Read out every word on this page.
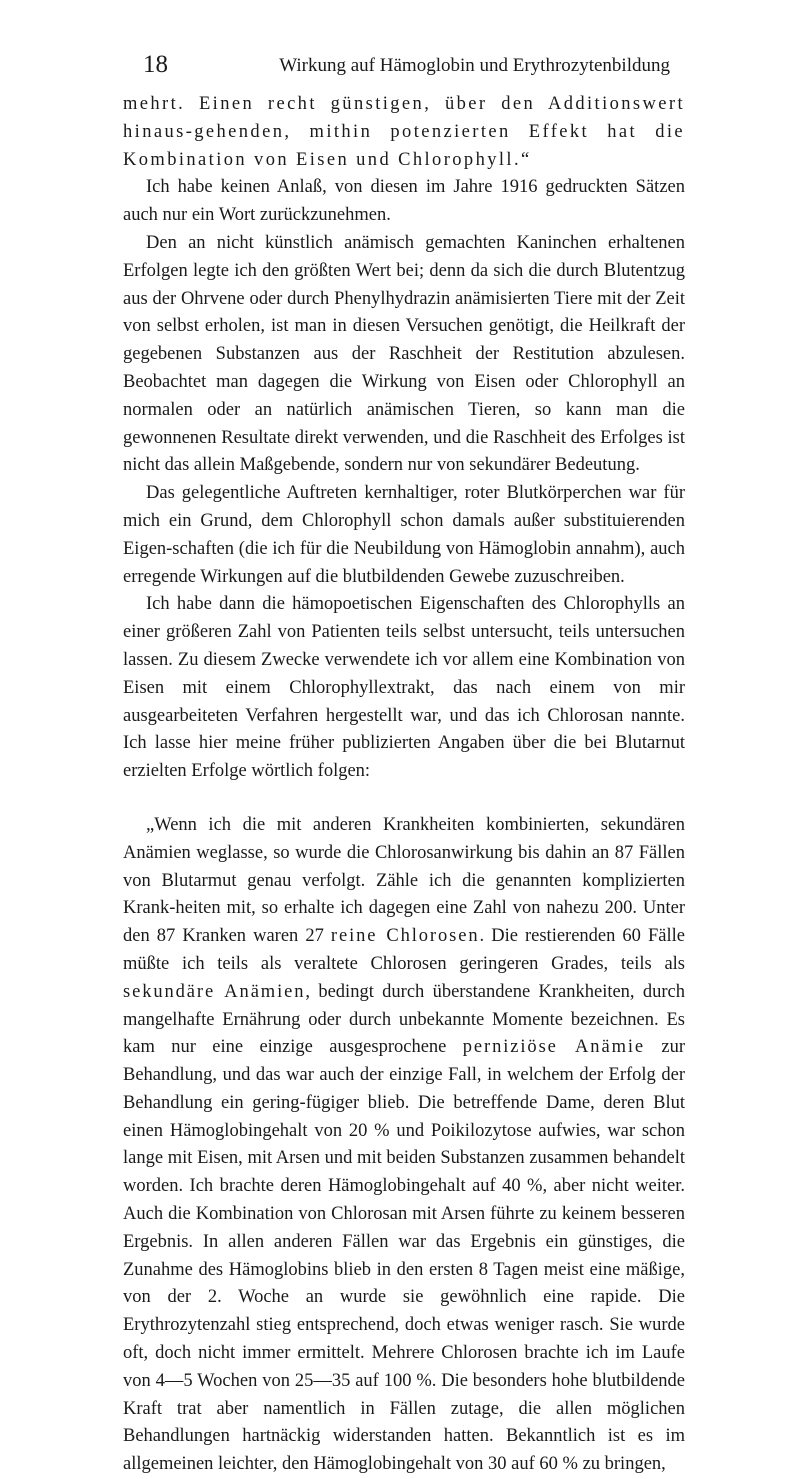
18	Wirkung auf Hämoglobin und Erythrozytenbildung

mehrt. Einen recht günstigen, über den Additionswert hinaus-gehenden, mithin potenzierten Effekt hat die Kombination von Eisen und Chlorophyll.“

Ich habe keinen Anlaß, von diesen im Jahre 1916 gedruckten Sätzen auch nur ein Wort zurückzunehmen.

Den an nicht künstlich anämisch gemachten Kaninchen erhaltenen Erfolgen legte ich den größten Wert bei; denn da sich die durch Blutentzug aus der Ohrvene oder durch Phenylhydrazin anämisierten Tiere mit der Zeit von selbst erholen, ist man in diesen Versuchen genötigt, die Heilkraft der gegebenen Substanzen aus der Raschheit der Restitution abzulesen. Beobachtet man dagegen die Wirkung von Eisen oder Chlorophyll an normalen oder an natürlich anämischen Tieren, so kann man die gewonnenen Resultate direkt verwenden, und die Raschheit des Erfolges ist nicht das allein Maßgebende, sondern nur von sekundärer Bedeutung.

Das gelegentliche Auftreten kernhaltiger, roter Blutkörperchen war für mich ein Grund, dem Chlorophyll schon damals außer substituierenden Eigen-schaften (die ich für die Neubildung von Hämoglobin annahm), auch erregende Wirkungen auf die blutbildenden Gewebe zuzuschreiben.

Ich habe dann die hämopoetischen Eigenschaften des Chlorophylls an einer größeren Zahl von Patienten teils selbst untersucht, teils untersuchen lassen. Zu diesem Zwecke verwendete ich vor allem eine Kombination von Eisen mit einem Chlorophyllextrakt, das nach einem von mir ausgearbeiteten Verfahren hergestellt war, und das ich Chlorosan nannte. Ich lasse hier meine früher publizierten Angaben über die bei Blutarnut erzielten Erfolge wörtlich folgen:

„Wenn ich die mit anderen Krankheiten kombinierten, sekundären Anämien weglasse, so wurde die Chlorosanwirkung bis dahin an 87 Fällen von Blutarmut genau verfolgt. Zähle ich die genannten komplizierten Krank-heiten mit, so erhalte ich dagegen eine Zahl von nahezu 200. Unter den 87 Kranken waren 27 reine Chlorosen. Die restierenden 60 Fälle müßte ich teils als veraltete Chlorosen geringeren Grades, teils als sekundäre Anämien, bedingt durch überstandene Krankheiten, durch mangelhafte Ernährung oder durch unbekannte Momente bezeichnen. Es kam nur eine einzige ausgesprochene perniziöse Anämie zur Behandlung, und das war auch der einzige Fall, in welchem der Erfolg der Behandlung ein gering-fügiger blieb. Die betreffende Dame, deren Blut einen Hämoglobingehalt von 20 % und Poikilozytose aufwies, war schon lange mit Eisen, mit Arsen und mit beiden Substanzen zusammen behandelt worden. Ich brachte deren Hämoglobingehalt auf 40 %, aber nicht weiter. Auch die Kombination von Chlorosan mit Arsen führte zu keinem besseren Ergebnis. In allen anderen Fällen war das Ergebnis ein günstiges, die Zunahme des Hämoglobins blieb in den ersten 8 Tagen meist eine mäßige, von der 2. Woche an wurde sie gewöhnlich eine rapide. Die Erythrozytenzahl stieg entsprechend, doch etwas weniger rasch. Sie wurde oft, doch nicht immer ermittelt. Mehrere Chlorosen brachte ich im Laufe von 4—5 Wochen von 25—35 auf 100 %. Die besonders hohe blutbildende Kraft trat aber namentlich in Fällen zutage, die allen möglichen Behandlungen hartnäckig widerstanden hatten. Bekanntlich ist es im allgemeinen leichter, den Hämoglobingehalt von 30 auf 60 % zu bringen,
